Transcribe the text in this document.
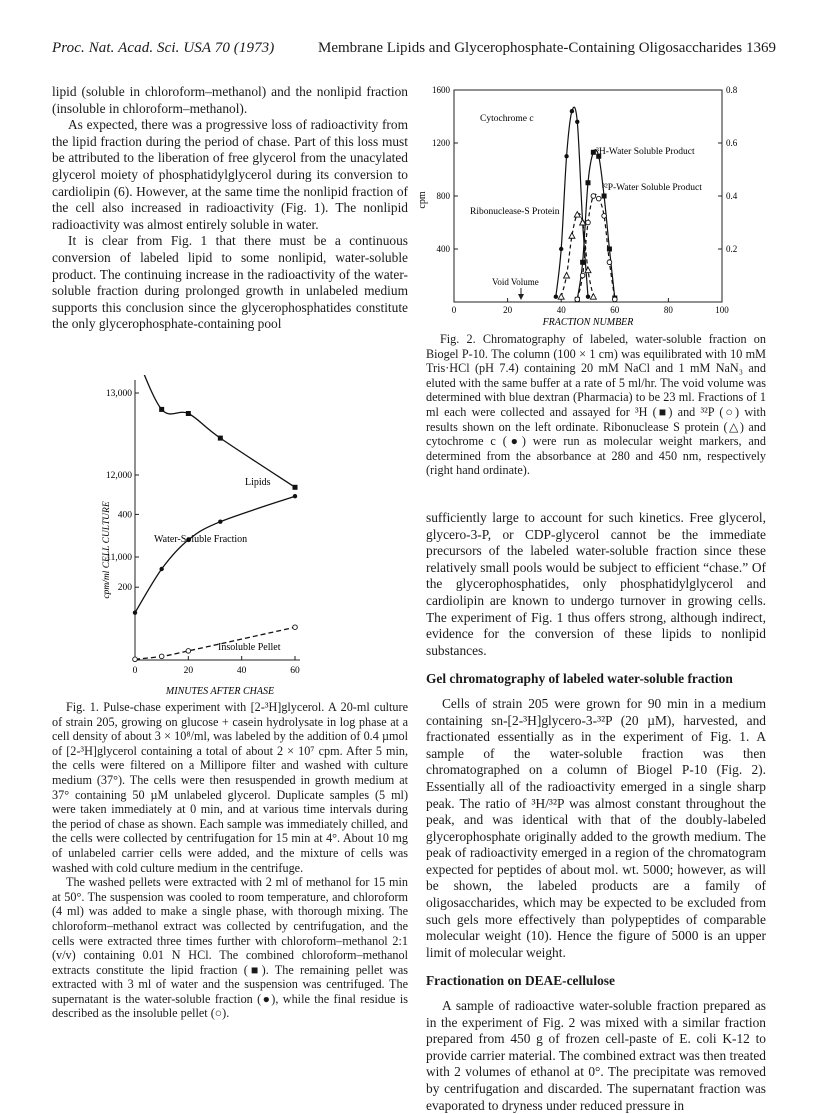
Proc. Nat. Acad. Sci. USA 70 (1973)	Membrane Lipids and Glycerophosphate-Containing Oligosaccharides 1369

lipid (soluble in chloroform–methanol) and the nonlipid fraction (insoluble in chloroform–methanol).

As expected, there was a progressive loss of radioactivity from the lipid fraction during the period of chase. Part of this loss must be attributed to the liberation of free glycerol from the unacylated glycerol moiety of phosphatidylglycerol during its conversion to cardiolipin (6). However, at the same time the nonlipid fraction of the cell also increased in radioactivity (Fig. 1). The nonlipid radioactivity was almost entirely soluble in water.

It is clear from Fig. 1 that there must be a continuous conversion of labeled lipid to some nonlipid, water-soluble product. The continuing increase in the radioactivity of the water-soluble fraction during prolonged growth in unlabeled medium supports this conclusion since the glycerophosphatides constitute the only glycerophosphate-containing pool

0	20	40	60
11,000
12,000
13,000
200
400
cpm/ml CELL CULTURE
MINUTES AFTER CHASE
Lipids
Water-Soluble Fraction
Insoluble Pellet

Fig. 1. Pulse-chase experiment with [2-³H]glycerol. A 20-ml culture of strain 205, growing on glucose + casein hydrolysate in log phase at a cell density of about 3 × 10⁸/ml, was labeled by the addition of 0.4 µmol of [2-³H]glycerol containing a total of about 2 × 10⁷ cpm. After 5 min, the cells were filtered on a Millipore filter and washed with culture medium (37°). The cells were then resuspended in growth medium at 37° containing 50 µM unlabeled glycerol. Duplicate samples (5 ml) were taken immediately at 0 min, and at various time intervals during the period of chase as shown. Each sample was immediately chilled, and the cells were collected by centrifugation for 15 min at 4°. About 10 mg of unlabeled carrier cells were added, and the mixture of cells was washed with cold culture medium in the centrifuge.

The washed pellets were extracted with 2 ml of methanol for 15 min at 50°. The suspension was cooled to room temperature, and chloroform (4 ml) was added to make a single phase, with thorough mixing. The chloroform–methanol extract was collected by centrifugation, and the cells were extracted three times further with chloroform–methanol 2:1 (v/v) containing 0.01 N HCl. The combined chloroform–methanol extracts constitute the lipid fraction (■). The remaining pellet was extracted with 3 ml of water and the suspension was centrifuged. The supernatant is the water-soluble fraction (●), while the final residue is described as the insoluble pellet (○).

0	20	40	60	80	100
400
800
1200
1600
0.2
0.4
0.6
0.8
cpm
FRACTION NUMBER
Cytochrome c
³H-Water Soluble Product
³²P-Water Soluble Product
Ribonuclease-S Protein
Void Volume

Fig. 2. Chromatography of labeled, water-soluble fraction on Biogel P-10. The column (100 × 1 cm) was equilibrated with 10 mM Tris·HCl (pH 7.4) containing 20 mM NaCl and 1 mM NaN₃ and eluted with the same buffer at a rate of 5 ml/hr. The void volume was determined with blue dextran (Pharmacia) to be 23 ml. Fractions of 1 ml each were collected and assayed for ³H (■) and ³²P (○) with results shown on the left ordinate. Ribonuclease S protein (△) and cytochrome c (●) were run as molecular weight markers, and determined from the absorbance at 280 and 450 nm, respectively (right hand ordinate).

sufficiently large to account for such kinetics. Free glycerol, glycero-3-P, or CDP-glycerol cannot be the immediate precursors of the labeled water-soluble fraction since these relatively small pools would be subject to efficient “chase.” Of the glycerophosphatides, only phosphatidylglycerol and cardiolipin are known to undergo turnover in growing cells. The experiment of Fig. 1 thus offers strong, although indirect, evidence for the conversion of these lipids to nonlipid substances.

Gel chromatography of labeled water-soluble fraction

Cells of strain 205 were grown for 90 min in a medium containing sn-[2-³H]glycero-3-³²P (20 µM), harvested, and fractionated essentially as in the experiment of Fig. 1. A sample of the water-soluble fraction was then chromatographed on a column of Biogel P-10 (Fig. 2). Essentially all of the radioactivity emerged in a single sharp peak. The ratio of ³H/³²P was almost constant throughout the peak, and was identical with that of the doubly-labeled glycerophosphate originally added to the growth medium. The peak of radioactivity emerged in a region of the chromatogram expected for peptides of about mol. wt. 5000; however, as will be shown, the labeled products are a family of oligosaccharides, which may be expected to be excluded from such gels more effectively than polypeptides of comparable molecular weight (10). Hence the figure of 5000 is an upper limit of molecular weight.

Fractionation on DEAE-cellulose

A sample of radioactive water-soluble fraction prepared as in the experiment of Fig. 2 was mixed with a similar fraction prepared from 450 g of frozen cell-paste of E. coli K-12 to provide carrier material. The combined extract was then treated with 2 volumes of ethanol at 0°. The precipitate was removed by centrifugation and discarded. The supernatant fraction was evaporated to dryness under reduced pressure in
